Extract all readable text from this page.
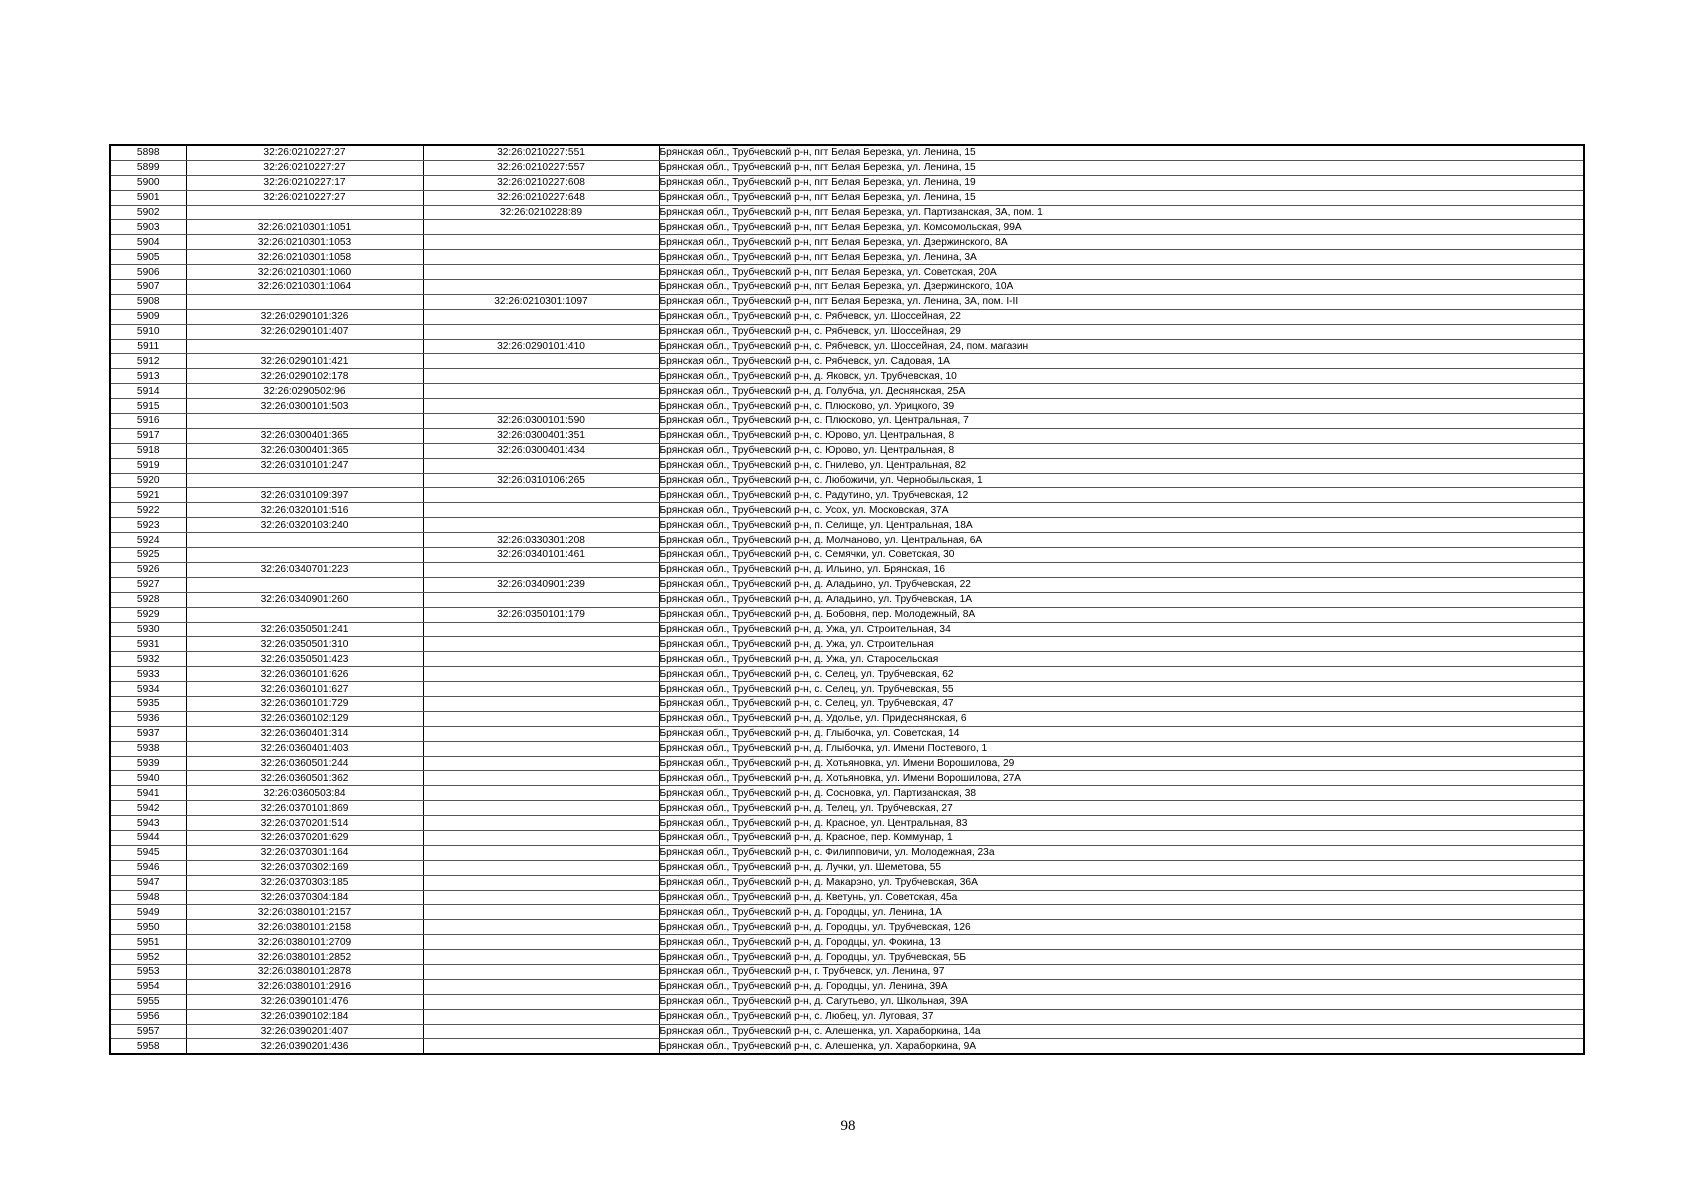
5898	32:26:0210227:27	32:26:0210227:551	Брянская обл., Трубчевский р-н, пгт Белая Березка, ул. Ленина, 15
5899	32:26:0210227:27	32:26:0210227:557	Брянская обл., Трубчевский р-н, пгт Белая Березка, ул. Ленина, 15
5900	32:26:0210227:17	32:26:0210227:608	Брянская обл., Трубчевский р-н, пгт Белая Березка, ул. Ленина, 19
5901	32:26:0210227:27	32:26:0210227:648	Брянская обл., Трубчевский р-н, пгт Белая Березка, ул. Ленина, 15
5902		32:26:0210228:89	Брянская обл., Трубчевский р-н, пгт Белая Березка, ул. Партизанская, 3А, пом. 1
5903	32:26:0210301:1051		Брянская обл., Трубчевский р-н, пгт Белая Березка, ул. Комсомольская, 99А
5904	32:26:0210301:1053		Брянская обл., Трубчевский р-н, пгт Белая Березка, ул. Дзержинского, 8А
5905	32:26:0210301:1058		Брянская обл., Трубчевский р-н, пгт Белая Березка, ул. Ленина, 3А
5906	32:26:0210301:1060		Брянская обл., Трубчевский р-н, пгт Белая Березка, ул. Советская, 20А
5907	32:26:0210301:1064		Брянская обл., Трубчевский р-н, пгт Белая Березка, ул. Дзержинского, 10А
5908		32:26:0210301:1097	Брянская обл., Трубчевский р-н, пгт Белая Березка, ул. Ленина, 3А, пом. I-II
5909	32:26:0290101:326		Брянская обл., Трубчевский р-н, с. Рябчевск, ул. Шоссейная, 22
5910	32:26:0290101:407		Брянская обл., Трубчевский р-н, с. Рябчевск, ул. Шоссейная, 29
5911		32:26:0290101:410	Брянская обл., Трубчевский р-н, с. Рябчевск, ул. Шоссейная, 24, пом. магазин
5912	32:26:0290101:421		Брянская обл., Трубчевский р-н, с. Рябчевск, ул. Садовая, 1А
5913	32:26:0290102:178		Брянская обл., Трубчевский р-н, д. Яковск, ул. Трубчевская, 10
5914	32:26:0290502:96		Брянская обл., Трубчевский р-н, д. Голубча, ул. Деснянская, 25А
5915	32:26:0300101:503		Брянская обл., Трубчевский р-н, с. Плюсково, ул. Урицкого, 39
5916		32:26:0300101:590	Брянская обл., Трубчевский р-н, с. Плюсково, ул. Центральная, 7
5917	32:26:0300401:365	32:26:0300401:351	Брянская обл., Трубчевский р-н, с. Юрово, ул. Центральная, 8
5918	32:26:0300401:365	32:26:0300401:434	Брянская обл., Трубчевский р-н, с. Юрово, ул. Центральная, 8
5919	32:26:0310101:247		Брянская обл., Трубчевский р-н, с. Гнилево, ул. Центральная, 82
5920		32:26:0310106:265	Брянская обл., Трубчевский р-н, с. Любожичи, ул. Чернобыльская, 1
5921	32:26:0310109:397		Брянская обл., Трубчевский р-н, с. Радутино, ул. Трубчевская, 12
5922	32:26:0320101:516		Брянская обл., Трубчевский р-н, с. Усох, ул. Московская, 37А
5923	32:26:0320103:240		Брянская обл., Трубчевский р-н, п. Селище, ул. Центральная, 18А
5924		32:26:0330301:208	Брянская обл., Трубчевский р-н, д. Молчаново, ул. Центральная, 6А
5925		32:26:0340101:461	Брянская обл., Трубчевский р-н, с. Семячки, ул. Советская, 30
5926	32:26:0340701:223		Брянская обл., Трубчевский р-н, д. Ильино, ул. Брянская, 16
5927		32:26:0340901:239	Брянская обл., Трубчевский р-н, д. Аладьино, ул. Трубчевская, 22
5928	32:26:0340901:260		Брянская обл., Трубчевский р-н, д. Аладьино, ул. Трубчевская, 1А
5929		32:26:0350101:179	Брянская обл., Трубчевский р-н, д. Бобовня, пер. Молодежный, 8А
5930	32:26:0350501:241		Брянская обл., Трубчевский р-н, д. Ужа, ул. Строительная, 34
5931	32:26:0350501:310		Брянская обл., Трубчевский р-н, д. Ужа, ул. Строительная
5932	32:26:0350501:423		Брянская обл., Трубчевский р-н, д. Ужа, ул. Старосельская
5933	32:26:0360101:626		Брянская обл., Трубчевский р-н, с. Селец, ул. Трубчевская, 62
5934	32:26:0360101:627		Брянская обл., Трубчевский р-н, с. Селец, ул. Трубчевская, 55
5935	32:26:0360101:729		Брянская обл., Трубчевский р-н, с. Селец, ул. Трубчевская, 47
5936	32:26:0360102:129		Брянская обл., Трубчевский р-н, д. Удолье, ул. Придеснянская, 6
5937	32:26:0360401:314		Брянская обл., Трубчевский р-н, д. Глыбочка, ул. Советская, 14
5938	32:26:0360401:403		Брянская обл., Трубчевский р-н, д. Глыбочка, ул. Имени Постевого, 1
5939	32:26:0360501:244		Брянская обл., Трубчевский р-н, д. Хотьяновка, ул. Имени Ворошилова, 29
5940	32:26:0360501:362		Брянская обл., Трубчевский р-н, д. Хотьяновка, ул. Имени Ворошилова, 27А
5941	32:26:0360503:84		Брянская обл., Трубчевский р-н, д. Сосновка, ул. Партизанская, 38
5942	32:26:0370101:869		Брянская обл., Трубчевский р-н, д. Телец, ул. Трубчевская, 27
5943	32:26:0370201:514		Брянская обл., Трубчевский р-н, д. Красное, ул. Центральная, 83
5944	32:26:0370201:629		Брянская обл., Трубчевский р-н, д. Красное, пер. Коммунар, 1
5945	32:26:0370301:164		Брянская обл., Трубчевский р-н, с. Филипповичи, ул. Молодежная, 23а
5946	32:26:0370302:169		Брянская обл., Трубчевский р-н, д. Лучки, ул. Шеметова, 55
5947	32:26:0370303:185		Брянская обл., Трубчевский р-н, д. Макарэно, ул. Трубчевская, 36А
5948	32:26:0370304:184		Брянская обл., Трубчевский р-н, д. Кветунь, ул. Советская, 45а
5949	32:26:0380101:2157		Брянская обл., Трубчевский р-н, д. Городцы, ул. Ленина, 1А
5950	32:26:0380101:2158		Брянская обл., Трубчевский р-н, д. Городцы, ул. Трубчевская, 126
5951	32:26:0380101:2709		Брянская обл., Трубчевский р-н, д. Городцы, ул. Фокина, 13
5952	32:26:0380101:2852		Брянская обл., Трубчевский р-н, д. Городцы, ул. Трубчевская, 5Б
5953	32:26:0380101:2878		Брянская обл., Трубчевский р-н, г. Трубчевск, ул. Ленина, 97
5954	32:26:0380101:2916		Брянская обл., Трубчевский р-н, д. Городцы, ул. Ленина, 39А
5955	32:26:0390101:476		Брянская обл., Трубчевский р-н, д. Сагутьево, ул. Школьная, 39А
5956	32:26:0390102:184		Брянская обл., Трубчевский р-н, с. Любец, ул. Луговая, 37
5957	32:26:0390201:407		Брянская обл., Трубчевский р-н, с. Алешенка, ул. Хараборкина, 14а
5958	32:26:0390201:436		Брянская обл., Трубчевский р-н, с. Алешенка, ул. Хараборкина, 9А
98
